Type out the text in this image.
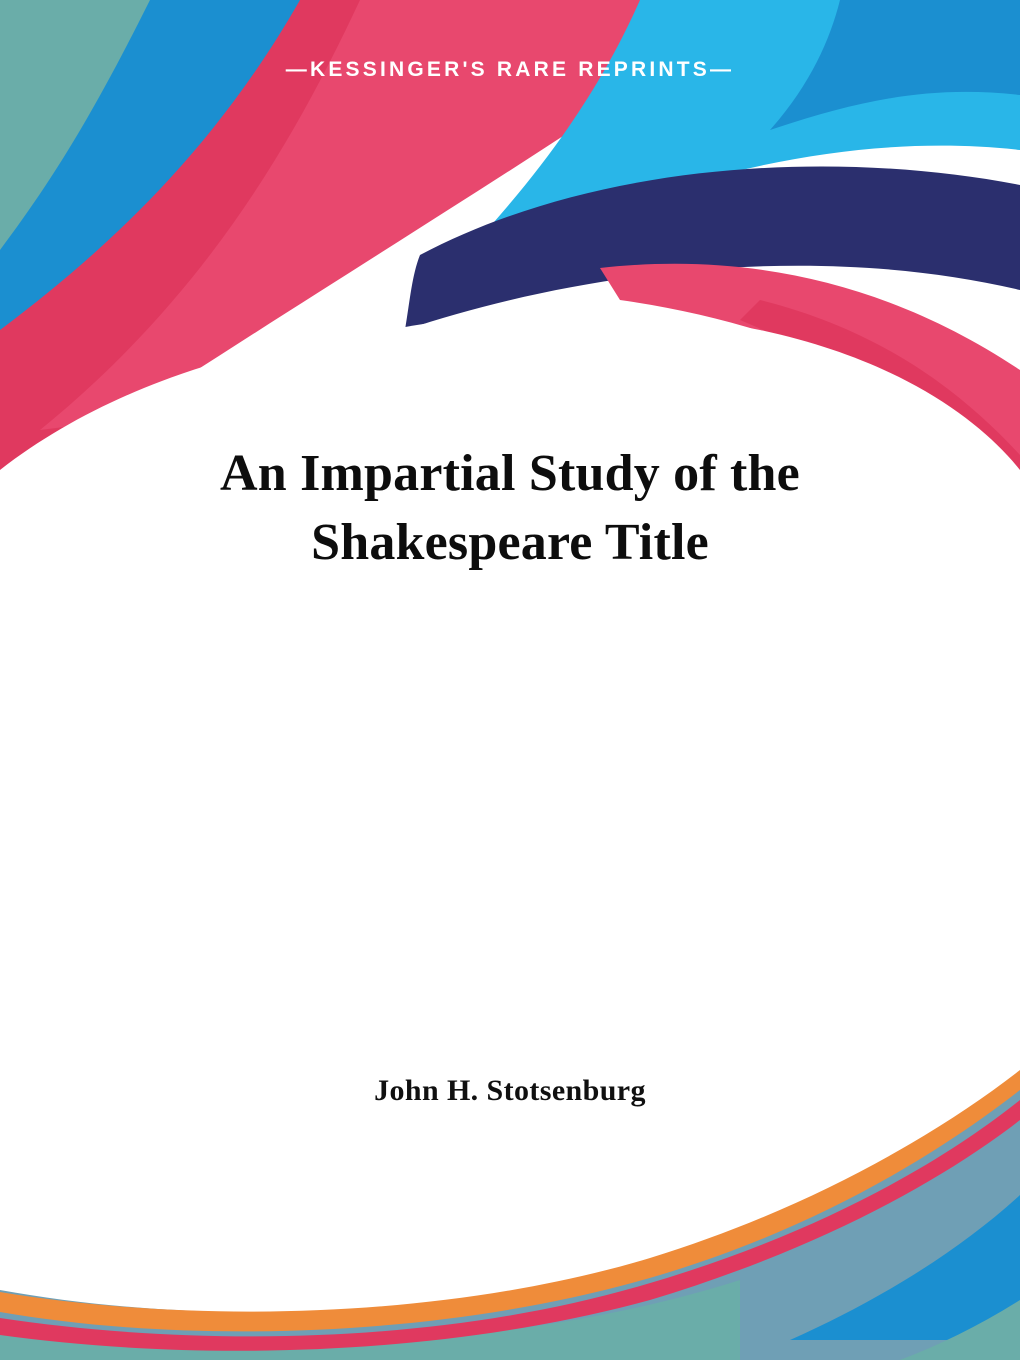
—KESSINGER'S RARE REPRINTS—
An Impartial Study of the
Shakespeare Title
John H. Stotsenburg
